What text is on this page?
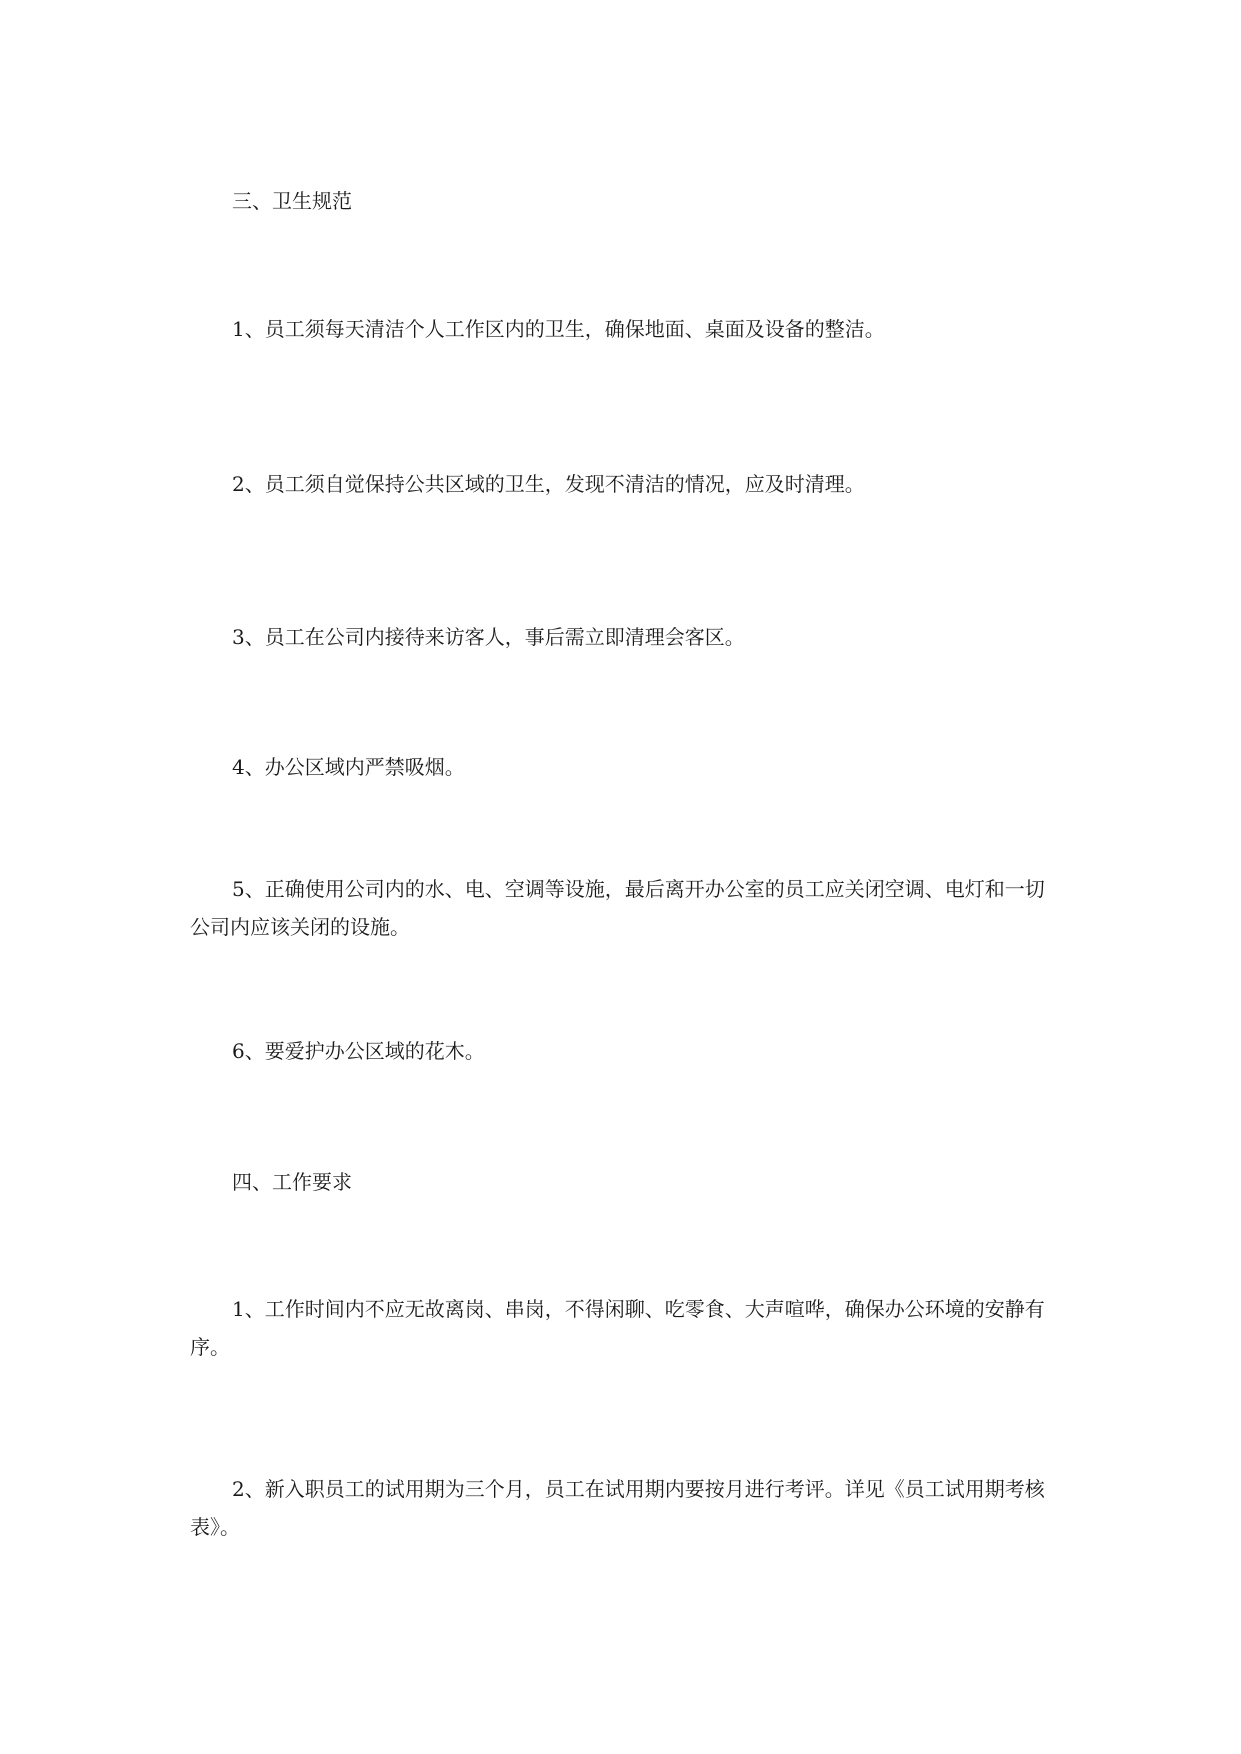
三、卫生规范

1、员工须每天清洁个人工作区内的卫生，确保地面、桌面及设备的整洁。

2、员工须自觉保持公共区域的卫生，发现不清洁的情况，应及时清理。

3、员工在公司内接待来访客人，事后需立即清理会客区。

4、办公区域内严禁吸烟。

5、正确使用公司内的水、电、空调等设施，最后离开办公室的员工应关闭空调、电灯和一切公司内应该关闭的设施。

6、要爱护办公区域的花木。

四、工作要求

1、工作时间内不应无故离岗、串岗，不得闲聊、吃零食、大声喧哗，确保办公环境的安静有序。

2、新入职员工的试用期为三个月，员工在试用期内要按月进行考评。详见《员工试用期考核表》。
